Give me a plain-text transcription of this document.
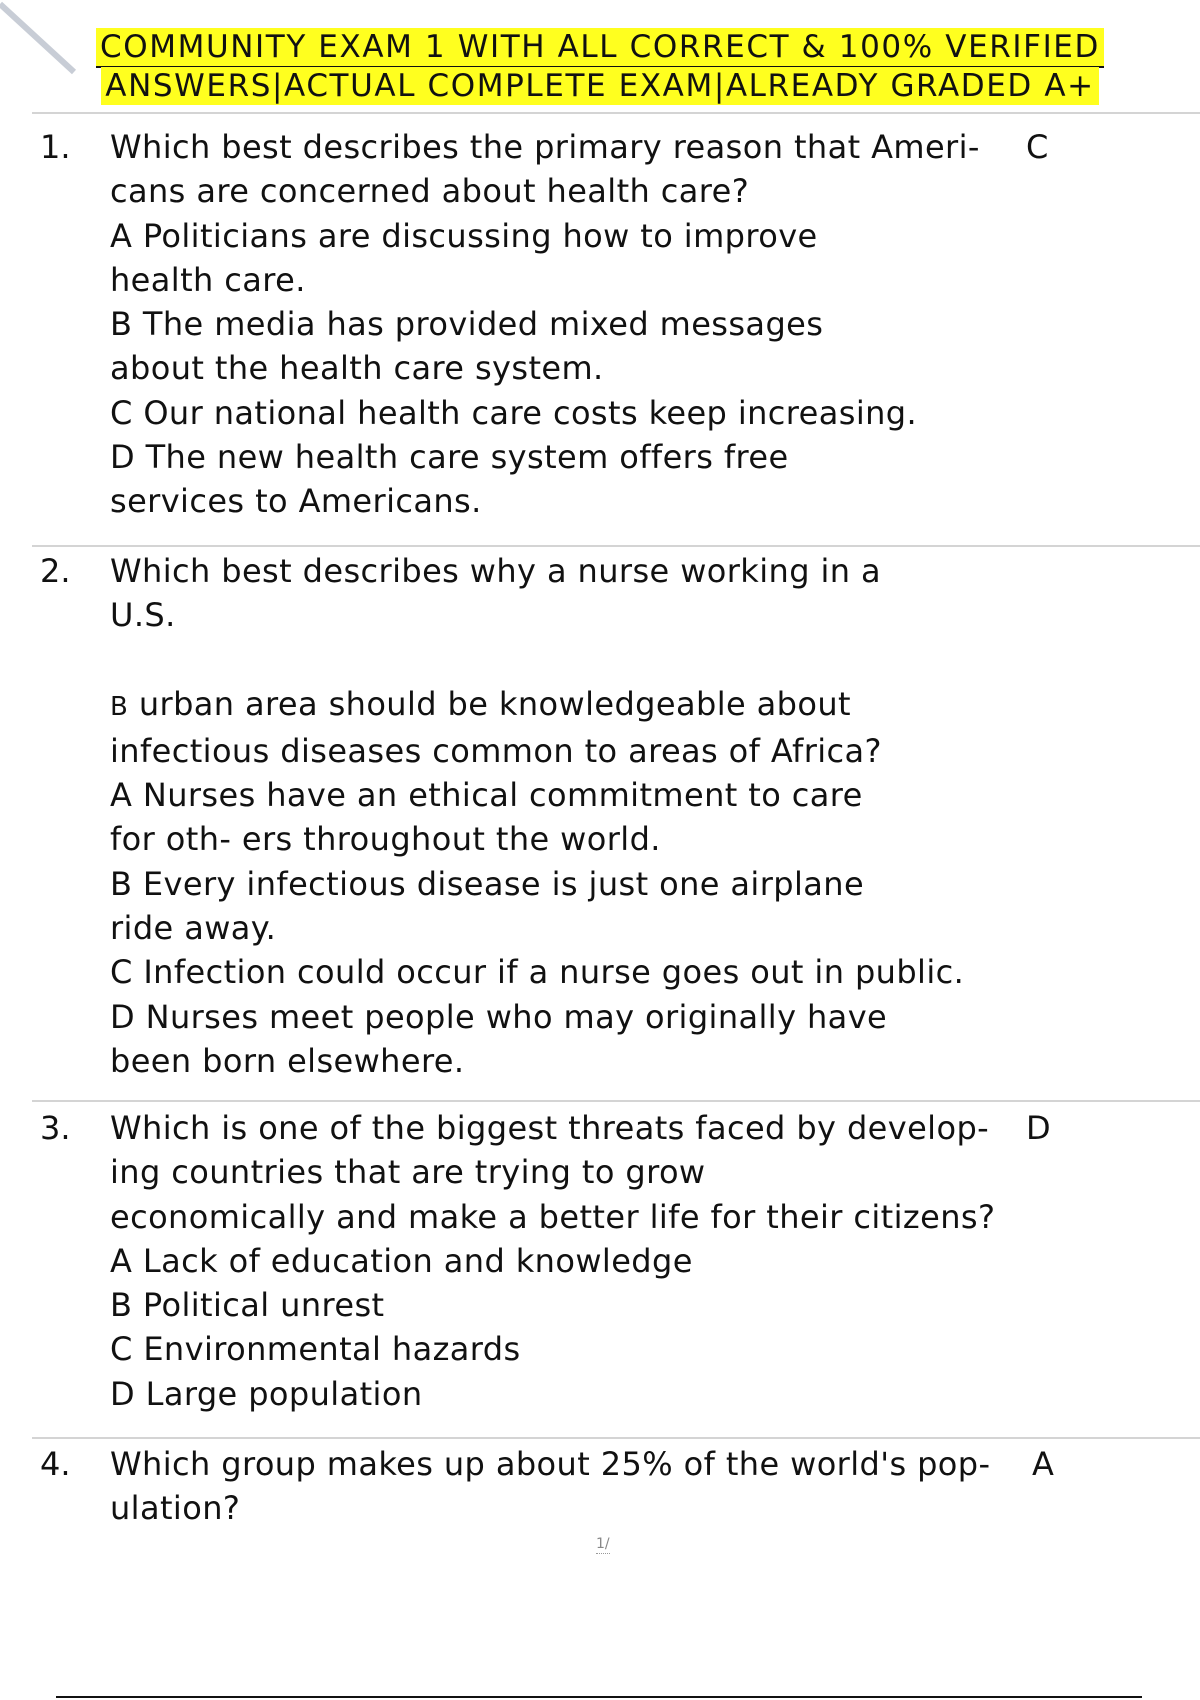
COMMUNITY EXAM 1 WITH ALL CORRECT & 100% VERIFIED
ANSWERS|ACTUAL COMPLETE EXAM|ALREADY GRADED A+
1. Which best describes the primary reason that Ameri-
cans are concerned about health care?
A Politicians are discussing how to improve
health care.
B The media has provided mixed messages
about the health care system.
C Our national health care costs keep increasing.
D The new health care system offers free
services to Americans.
C
2. Which best describes why a nurse working in a
U.S.
B urban area should be knowledgeable about
infectious diseases common to areas of Africa?
A Nurses have an ethical commitment to care
for oth- ers throughout the world.
B Every infectious disease is just one airplane
ride away.
C Infection could occur if a nurse goes out in public.
D Nurses meet people who may originally have
been born elsewhere.
3. Which is one of the biggest threats faced by develop-
ing countries that are trying to grow
economically and make a better life for their citizens?
A Lack of education and knowledge
B Political unrest
C Environmental hazards
D Large population
D
4. Which group makes up about 25% of the world's pop-
ulation?
A
1/
